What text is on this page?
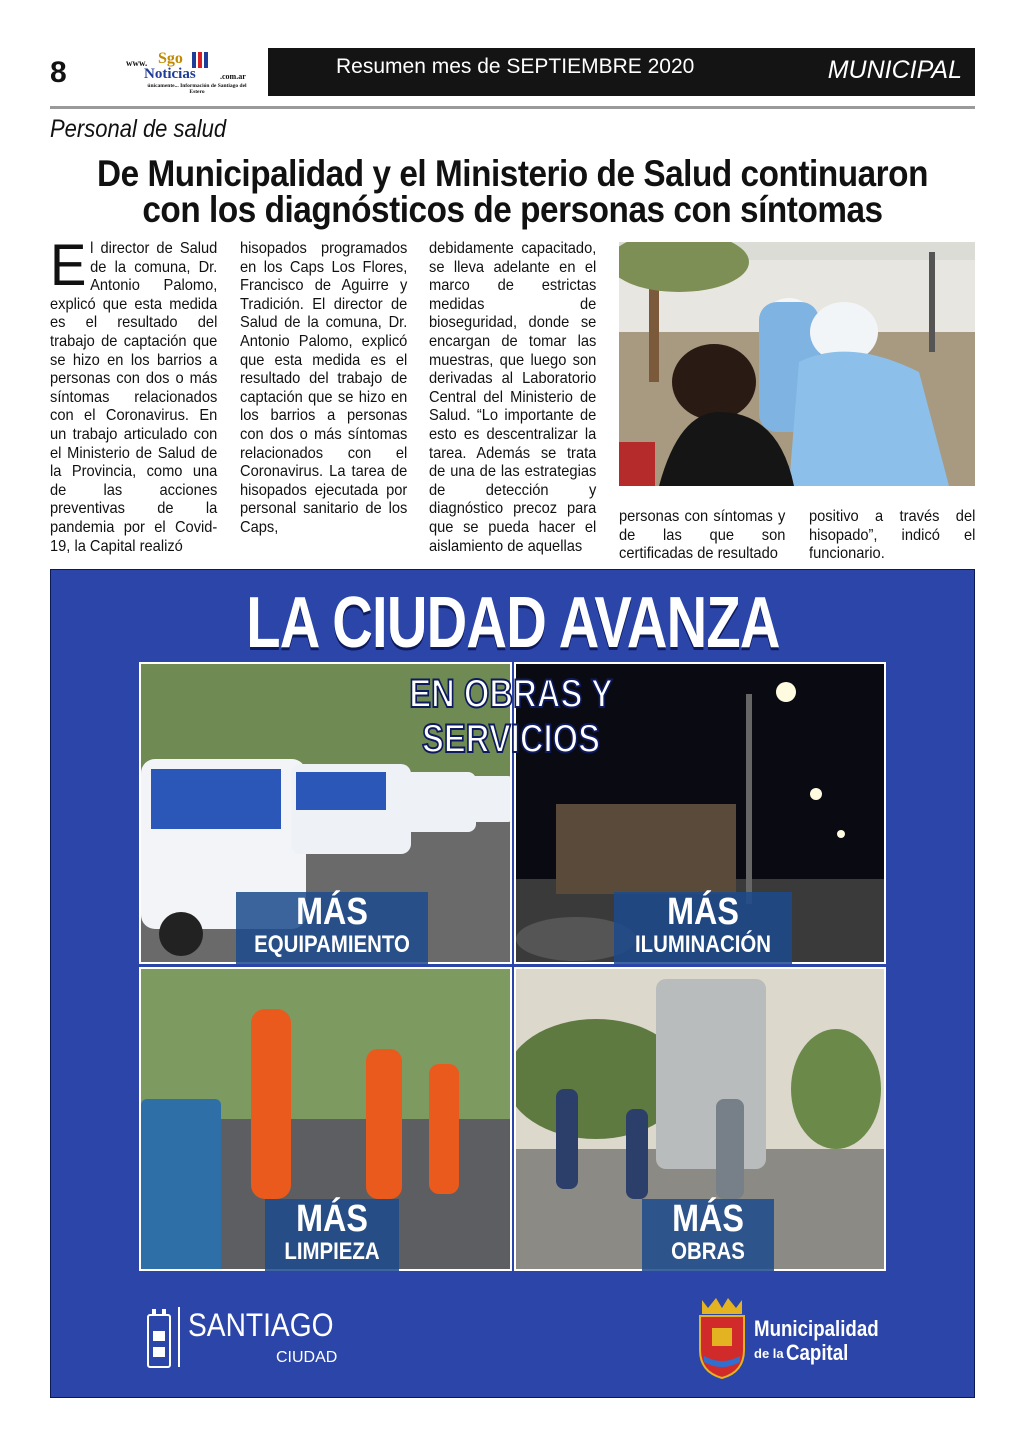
8	www. Sgo
Noticias	.com.ar
únicamente... Información de Santiago del Estero
Resumen mes de SEPTIEMBRE 2020	MUNICIPAL
Personal de salud
De Municipalidad y el Ministerio de Salud continuaron
con los diagnósticos de personas con síntomas
E l director de Salud de la comuna, Dr. Antonio Palomo, explicó que esta medida es el resultado del trabajo de captación que se hizo en los barrios a personas con dos o más síntomas relacionados con el Coronavirus. En un trabajo articulado con el Ministerio de Salud de la Provincia, como una de las acciones preventivas de la pandemia por el Covid-19, la Capital realizó
hisopados programados en los Caps Los Flores, Francisco de Aguirre y Tradición. El director de Salud de la comuna, Dr. Antonio Palomo, explicó que esta medida es el resultado del trabajo de captación que se hizo en los barrios a personas con dos o más síntomas relacionados con el Coronavirus. La tarea de hisopados ejecutada por personal sanitario de los Caps,
debidamente capacitado, se lleva adelante en el marco de estrictas medidas de bioseguridad, donde se encargan de tomar las muestras, que luego son derivadas al Laboratorio Central del Ministerio de Salud. “Lo importante de esto es descentralizar la tarea. Además se trata de una de las estrategias de detección y diagnóstico precoz para que se pueda hacer el aislamiento de aquellas
personas con síntomas y de las que son certificadas de resultado
positivo a través del hisopado”, indicó el funcionario.
LA CIUDAD AVANZA
EN OBRAS Y SERVICIOS
MÁS
EQUIPAMIENTO
MÁS
ILUMINACIÓN
MÁS
LIMPIEZA
MÁS
OBRAS
SANTIAGO
CIUDAD
Municipalidad
de la Capital
